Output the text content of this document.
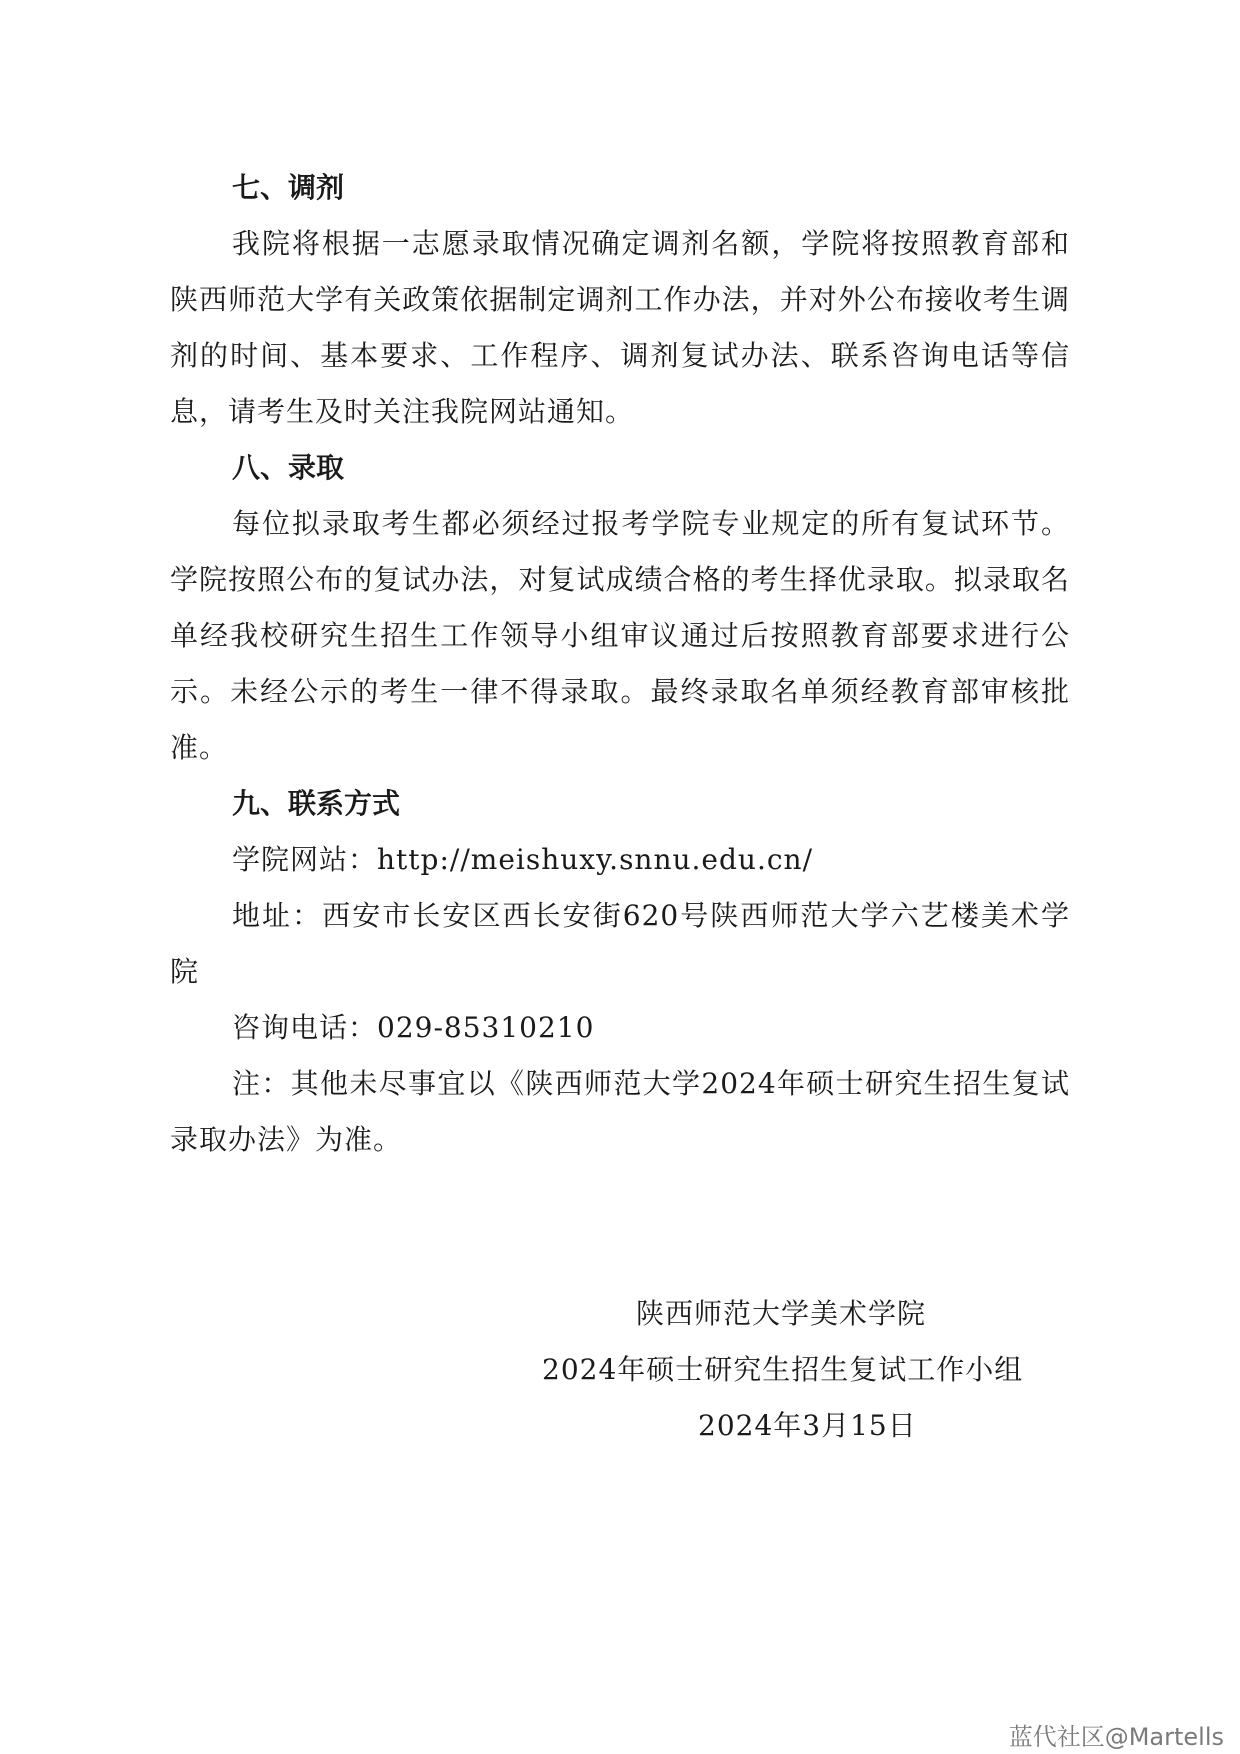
七、调剂

我院将根据一志愿录取情况确定调剂名额，学院将按照教育部和陕西师范大学有关政策依据制定调剂工作办法，并对外公布接收考生调剂的时间、基本要求、工作程序、调剂复试办法、联系咨询电话等信息，请考生及时关注我院网站通知。

八、录取

每位拟录取考生都必须经过报考学院专业规定的所有复试环节。学院按照公布的复试办法，对复试成绩合格的考生择优录取。拟录取名单经我校研究生招生工作领导小组审议通过后按照教育部要求进行公示。未经公示的考生一律不得录取。最终录取名单须经教育部审核批准。

九、联系方式

学院网站：http://meishuxy.snnu.edu.cn/

地址：西安市长安区西长安街620号陕西师范大学六艺楼美术学院

咨询电话：029-85310210

注：其他未尽事宜以《陕西师范大学2024年硕士研究生招生复试录取办法》为准。

陕西师范大学美术学院
2024年硕士研究生招生复试工作小组
2024年3月15日
蓝代社区@Martells
